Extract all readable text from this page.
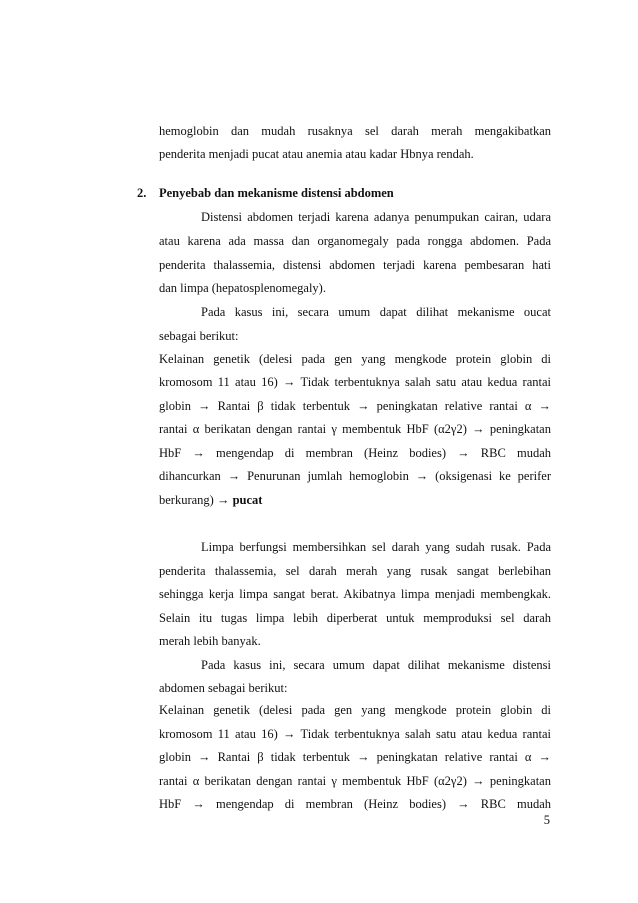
hemoglobin dan mudah rusaknya sel darah merah mengakibatkan
penderita menjadi pucat atau anemia atau kadar Hbnya rendah.
2. Penyebab dan mekanisme distensi abdomen
Distensi abdomen terjadi karena adanya penumpukan cairan, udara
atau karena ada massa dan organomegaly pada rongga abdomen. Pada
penderita thalassemia, distensi abdomen terjadi karena pembesaran hati
dan limpa (hepatosplenomegaly).
Pada kasus ini, secara umum dapat dilihat mekanisme oucat
sebagai berikut:
Kelainan genetik (delesi pada gen yang mengkode protein globin di
kromosom 11 atau 16) → Tidak terbentuknya salah satu atau kedua rantai
globin → Rantai β tidak terbentuk → peningkatan relative rantai α →
rantai α berikatan dengan rantai γ membentuk HbF (α2γ2) → peningkatan
HbF → mengendap di membran (Heinz bodies) → RBC mudah
dihancurkan → Penurunan jumlah hemoglobin → (oksigenasi ke perifer
berkurang) → pucat
Limpa berfungsi membersihkan sel darah yang sudah rusak. Pada
penderita thalassemia, sel darah merah yang rusak sangat berlebihan
sehingga kerja limpa sangat berat. Akibatnya limpa menjadi membengkak.
Selain itu tugas limpa lebih diperberat untuk memproduksi sel darah
merah lebih banyak.
Pada kasus ini, secara umum dapat dilihat mekanisme distensi
abdomen sebagai berikut:
Kelainan genetik (delesi pada gen yang mengkode protein globin di
kromosom 11 atau 16) → Tidak terbentuknya salah satu atau kedua rantai
globin → Rantai β tidak terbentuk → peningkatan relative rantai α →
rantai α berikatan dengan rantai γ membentuk HbF (α2γ2) → peningkatan
HbF → mengendap di membran (Heinz bodies) → RBC mudah
5
